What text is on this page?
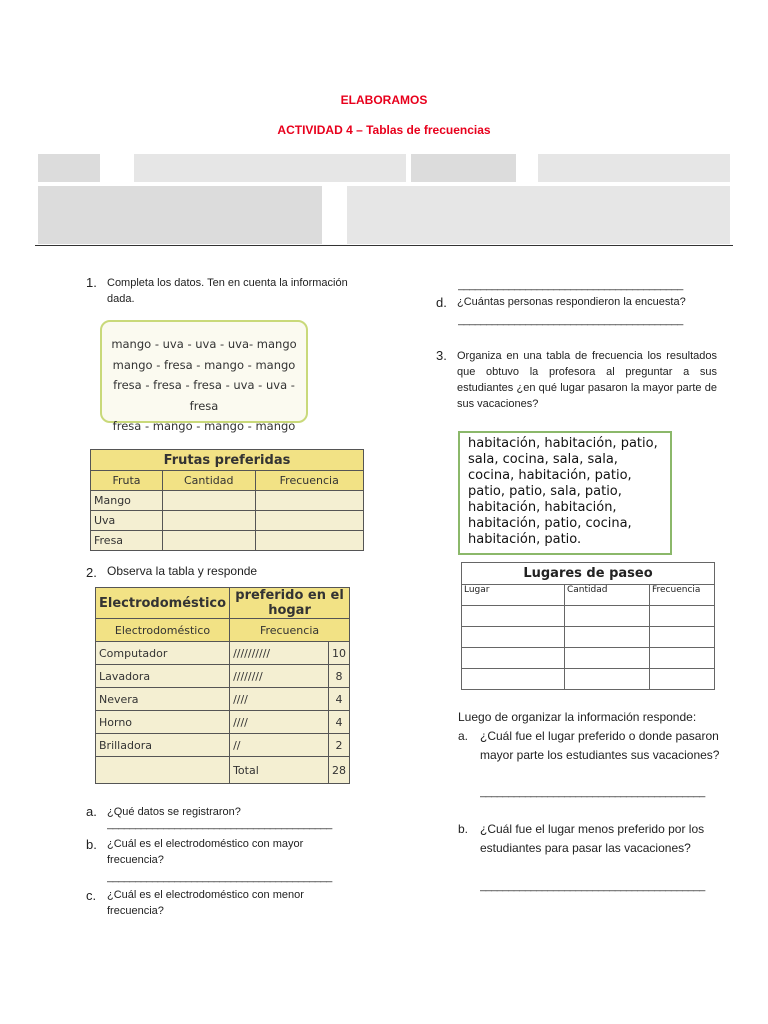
ELABORAMOS
ACTIVIDAD 4 – Tablas de frecuencias
1. Completa los datos. Ten en cuenta la información dada.
mango - uva - uva - uva- mango
mango - fresa - mango - mango
fresa - fresa - fresa - uva - uva - fresa
fresa - mango - mango - mango
Frutas preferidas		
Fruta	Cantidad	Frecuencia
Mango		
Uva		
Fresa		
2. Observa la tabla y responde
Electrodoméstico	preferido en el hogar	
Electrodoméstico	Frecuencia	
Computador	//////////	10
Lavadora	////////	8
Nevera	////	4
Horno	////	4
Brilladora	//	2
	Total	28
a. ¿Qué datos se registraron?
________________________________________
b. ¿Cuál es el electrodoméstico con mayor frecuencia?
________________________________________
c. ¿Cuál es el electrodoméstico con menor frecuencia?
________________________________________
d. ¿Cuántas personas respondieron la encuesta?
________________________________________
3. Organiza en una tabla de frecuencia los resultados que obtuvo la profesora al preguntar a sus estudiantes ¿en qué lugar pasaron la mayor parte de sus vacaciones?
habitación, habitación, patio,
sala, cocina, sala, sala,
cocina, habitación, patio,
patio, patio, sala, patio,
habitación, habitación,
habitación, patio, cocina,
habitación, patio.
Lugares de paseo		
Lugar	Cantidad	Frecuencia

Luego de organizar la información responde:
a. ¿Cuál fue el lugar preferido o donde pasaron mayor parte los estudiantes sus vacaciones?
________________________________________
b. ¿Cuál fue el lugar menos preferido por los estudiantes para pasar las vacaciones?
________________________________________
